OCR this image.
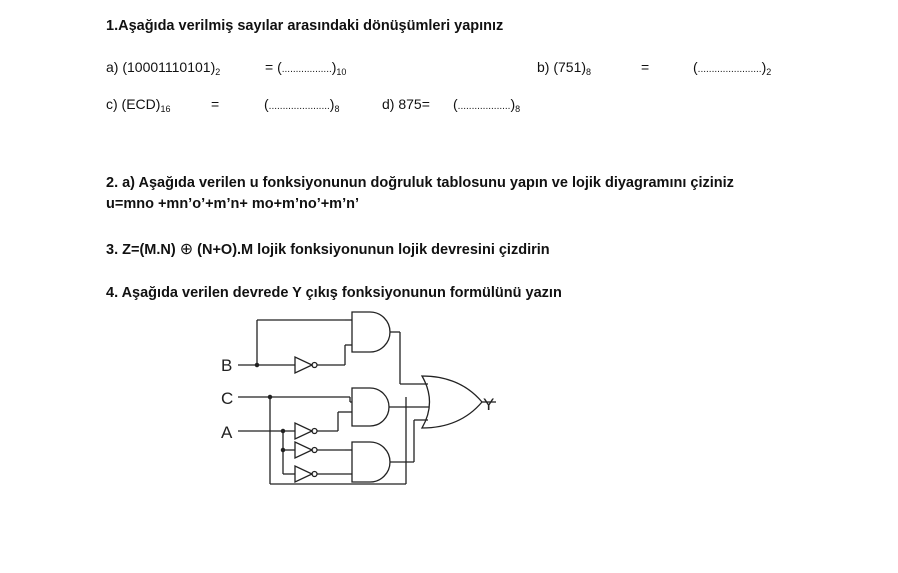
1.Aşağıda verilmiş sayılar arasındaki dönüşümleri yapınız
a) $(10001110101)_2$	= $(..................)_{10}$	b) $(751)_8$	=	$(.......................)_2$
c) $(ECD)_{16}$	=	$(......................)_8$	d) $875= (...................)_8$
2. a) Aşağıda verilen u fonksiyonunun doğruluk tablosunu yapın ve lojik diyagramını çiziniz
u=mno +mn’o’+m’n+ mo+m’no’+m’n’
3. Z=(M.N) ⊕ (N+O).M lojik fonksiyonunun lojik devresini çizdirin
4. Aşağıda verilen devrede Y çıkış fonksiyonunun formülünü yazın
B
C
A
Y
